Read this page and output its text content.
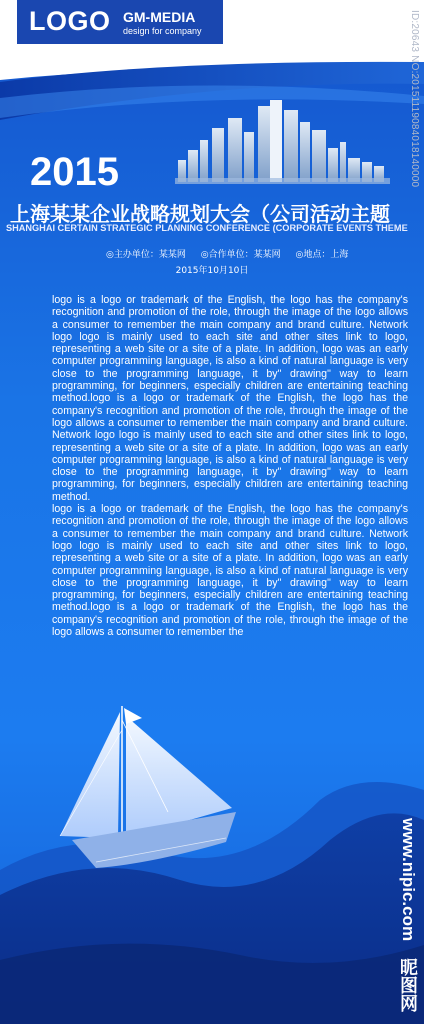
LOGO GM-MEDIA
design for company	ID:20643 NO:20151119084018140000
2015
上海某某企业战略规划大会（公司活动主题
SHANGHAI CERTAIN STRATEGIC PLANNING CONFERENCE (CORPORATE EVENTS THEME
◎主办单位：某某网 ◎合作单位：某某网 ◎地点：上海
2015年10月10日

logo is a logo or trademark of the English, the logo has the company's recognition and promotion of the role, through the image of the logo allows a consumer to remember the main company and brand culture. Network logo logo is mainly used to each site and other sites link to logo, representing a web site or a site of a plate. In addition, logo was an early computer programming language, is also a kind of natural language is very close to the programming language, it by" drawing" way to learn programming, for beginners, especially children are entertaining teaching method.logo is a logo or trademark of the English, the logo has the company's recognition and promotion of the role, through the image of the logo allows a consumer to remember the main company and brand culture. Network logo logo is mainly used to each site and other sites link to logo, representing a web site or a site of a plate. In addition, logo was an early computer programming language, is also a kind of natural language is very close to the programming language, it by" drawing" way to learn programming, for beginners, especially children are entertaining teaching method.

logo is a logo or trademark of the English, the logo has the company's recognition and promotion of the role, through the image of the logo allows a consumer to remember the main company and brand culture. Network logo logo is mainly used to each site and other sites link to logo, representing a web site or a site of a plate. In addition, logo was an early computer programming language, is also a kind of natural language is very close to the programming language, it by" drawing" way to learn programming, for beginners, especially children are entertaining teaching method.logo is a logo or trademark of the English, the logo has the company's recognition and promotion of the role, through the image of the logo allows a consumer to remember the

www.nipic.com
昵图网
